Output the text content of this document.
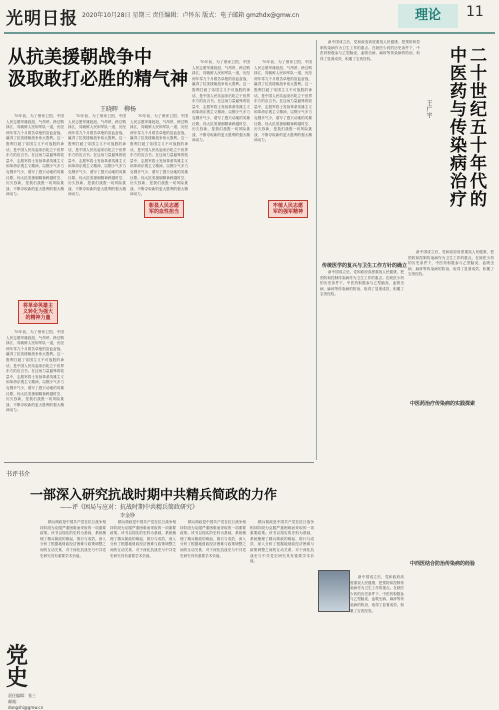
光明日报 2020年10月28日 星期三 责任编辑：卢怀东 版式：电子邮箱 gmzhdx@gmw.cn	理论	11
从抗美援朝战争中
汲取敢打必胜的精气神
王晓晖　柳杨

70年前，为了保家卫国，中国人民志愿军雄赳赳、气昂昂，跨过鸭绿江，同朝鲜人民和军队一道，历经两年零九个月艰苦卓绝的浴血奋战，赢得了抗美援朝战争伟大胜利。这一胜利打破了帝国主义不可战胜的神话，是中国人民站起来后屹立于世界东方的宣言书。在这场力量悬殊的较量中，志愿军将士发扬革命英雄主义和革命乐观主义精神，以钢少气多力克钢多气少，谱写了感天动地的英雄壮歌。伟大抗美援朝精神跨越时空、历久弥新，是我们战胜一切风险挑战、不断夺取新的更大胜利的强大精神动力。

70年前，为了保家卫国，中国人民志愿军雄赳赳、气昂昂，跨过鸭绿江，同朝鲜人民和军队一道，历经两年零九个月艰苦卓绝的浴血奋战，赢得了抗美援朝战争伟大胜利。这一胜利打破了帝国主义不可战胜的神话，是中国人民站起来后屹立于世界东方的宣言书。在这场力量悬殊的较量中，志愿军将士发扬革命英雄主义和革命乐观主义精神，以钢少气多力克钢多气少，谱写了感天动地的英雄壮歌。伟大抗美援朝精神跨越时空、历久弥新，是我们战胜一切风险挑战、不断夺取新的更大胜利的强大精神动力。

70年前，为了保家卫国，中国人民志愿军雄赳赳、气昂昂，跨过鸭绿江，同朝鲜人民和军队一道，历经两年零九个月艰苦卓绝的浴血奋战，赢得了抗美援朝战争伟大胜利。这一胜利打破了帝国主义不可战胜的神话，是中国人民站起来后屹立于世界东方的宣言书。在这场力量悬殊的较量中，志愿军将士发扬革命英雄主义和革命乐观主义精神，以钢少气多力克钢多气少，谱写了感天动地的英雄壮歌。伟大抗美援朝精神跨越时空、历久弥新，是我们战胜一切风险挑战、不断夺取新的更大胜利的强大精神动力。

70年前，为了保家卫国，中国人民志愿军雄赳赳、气昂昂，跨过鸭绿江，同朝鲜人民和军队一道，历经两年零九个月艰苦卓绝的浴血奋战，赢得了抗美援朝战争伟大胜利。这一胜利打破了帝国主义不可战胜的神话，是中国人民站起来后屹立于世界东方的宣言书。在这场力量悬殊的较量中，志愿军将士发扬革命英雄主义和革命乐观主义精神，以钢少气多力克钢多气少，谱写了感天动地的英雄壮歌。伟大抗美援朝精神跨越时空、历久弥新，是我们战胜一切风险挑战、不断夺取新的更大胜利的强大精神动力。

70年前，为了保家卫国，中国人民志愿军雄赳赳、气昂昂，跨过鸭绿江，同朝鲜人民和军队一道，历经两年零九个月艰苦卓绝的浴血奋战，赢得了抗美援朝战争伟大胜利。这一胜利打破了帝国主义不可战胜的神话，是中国人民站起来后屹立于世界东方的宣言书。在这场力量悬殊的较量中，志愿军将士发扬革命英雄主义和革命乐观主义精神，以钢少气多力克钢多气少，谱写了感天动地的英雄壮歌。伟大抗美援朝精神跨越时空、历久弥新，是我们战胜一切风险挑战、不断夺取新的更大胜利的强大精神动力。

将革命英雄主义转化为强大的精神力量
彰显人民志愿军的血性担当
牢植人民志愿军的强军精神

70年前，为了保家卫国，中国人民志愿军雄赳赳、气昂昂，跨过鸭绿江，同朝鲜人民和军队一道，历经两年零九个月艰苦卓绝的浴血奋战，赢得了抗美援朝战争伟大胜利。这一胜利打破了帝国主义不可战胜的神话，是中国人民站起来后屹立于世界东方的宣言书。在这场力量悬殊的较量中，志愿军将士发扬革命英雄主义和革命乐观主义精神，以钢少气多力克钢多气少，谱写了感天动地的英雄壮歌。伟大抗美援朝精神跨越时空、历久弥新，是我们战胜一切风险挑战、不断夺取新的更大胜利的强大精神动力。

书评书介
一部深入研究抗战时期中共精兵简政的力作
——评《困局与应对：抗战时期中共精兵简政研究》
李金铮

精兵简政是中国共产党在抗日战争相持阶段为克服严重困难而采取的一项重要政策。该书以翔实的史料为基础，系统梳理了精兵简政的缘起、推行与成效，深入分析了根据地财政经济困难与政策调整之间的互动关系，对于深化抗战史与中共党史研究具有重要学术价值。

精兵简政是中国共产党在抗日战争相持阶段为克服严重困难而采取的一项重要政策。该书以翔实的史料为基础，系统梳理了精兵简政的缘起、推行与成效，深入分析了根据地财政经济困难与政策调整之间的互动关系，对于深化抗战史与中共党史研究具有重要学术价值。

精兵简政是中国共产党在抗日战争相持阶段为克服严重困难而采取的一项重要政策。该书以翔实的史料为基础，系统梳理了精兵简政的缘起、推行与成效，深入分析了根据地财政经济困难与政策调整之间的互动关系，对于深化抗战史与中共党史研究具有重要学术价值。

精兵简政是中国共产党在抗日战争相持阶段为克服严重困难而采取的一项重要政策。该书以翔实的史料为基础，系统梳理了精兵简政的缘起、推行与成效，深入分析了根据地财政经济困难与政策调整之间的互动关系，对于深化抗战史与中共党史研究具有重要学术价值。

党史
责任编辑：张三 邮箱：dangshi@gmw.cn
二十世纪五十年代的中医药与传染病治疗
王广宇

新中国成立后，党和政府高度重视人民健康，把预防和控制传染病作为卫生工作的重点。在缺医少药的历史条件下，中医药积极参与乙型脑炎、血吸虫病、麻疹等传染病的防治，取得了显著成效，积累了宝贵经验。

新中国成立后，党和政府高度重视人民健康，把预防和控制传染病作为卫生工作的重点。在缺医少药的历史条件下，中医药积极参与乙型脑炎、血吸虫病、麻疹等传染病的防治，取得了显著成效，积累了宝贵经验。

新中国成立后，党和政府高度重视人民健康，把预防和控制传染病作为卫生工作的重点。在缺医少药的历史条件下，中医药积极参与乙型脑炎、血吸虫病、麻疹等传染病的防治，取得了显著成效，积累了宝贵经验。

新中国成立后，党和政府高度重视人民健康，把预防和控制传染病作为卫生工作的重点。在缺医少药的历史条件下，中医药积极参与乙型脑炎、血吸虫病、麻疹等传染病的防治，取得了显著成效，积累了宝贵经验。

传统医学的复兴与卫生工作方针的确立
中医药治疗传染病的实践探索
中西医结合防治传染病的经验
